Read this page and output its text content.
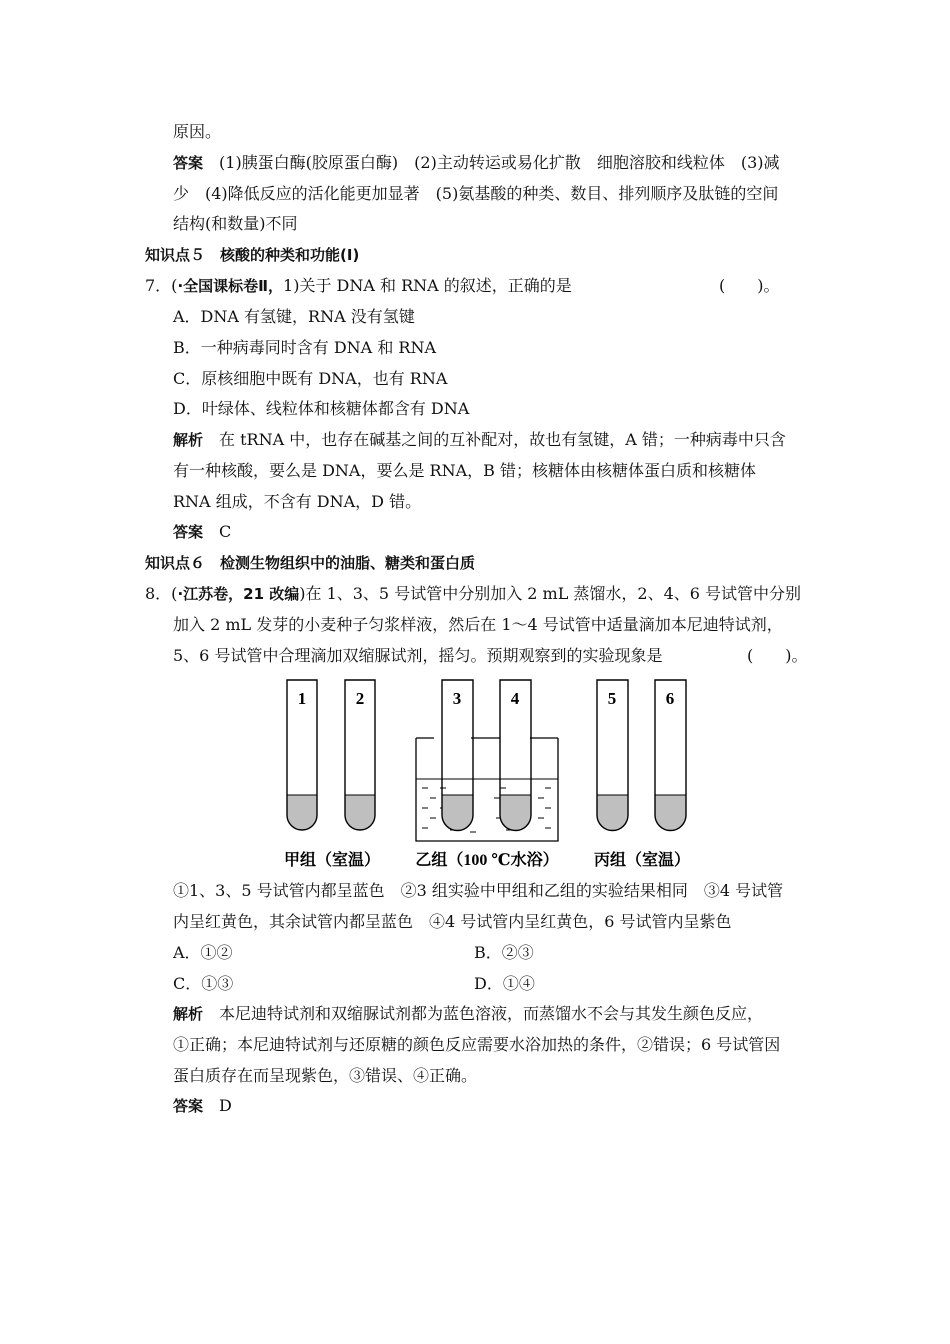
原因。
答案 (1)胰蛋白酶(胶原蛋白酶)　(2)主动转运或易化扩散　细胞溶胶和线粒体　(3)减
少　(4)降低反应的活化能更加显著　(5)氨基酸的种类、数目、排列顺序及肽链的空间
结构(和数量)不同
知识点５　核酸的种类和功能(Ⅰ)
7．(·全国课标卷Ⅱ，1)关于 DNA 和 RNA 的叙述，正确的是	(　　)。
A．DNA 有氢键，RNA 没有氢键
B．一种病毒同时含有 DNA 和 RNA
C．原核细胞中既有 DNA，也有 RNA
D．叶绿体、线粒体和核糖体都含有 DNA
解析 在 tRNA 中，也存在碱基之间的互补配对，故也有氢键，A 错；一种病毒中只含
有一种核酸，要么是 DNA，要么是 RNA，B 错；核糖体由核糖体蛋白质和核糖体
RNA 组成，不含有 DNA，D 错。
答案 C
知识点６　检测生物组织中的油脂、糖类和蛋白质
8．(·江苏卷，21 改编)在 1、3、5 号试管中分别加入 2 mL 蒸馏水，2、4、6 号试管中分别
加入 2 mL 发芽的小麦种子匀浆样液，然后在 1～4 号试管中适量滴加本尼迪特试剂，
5、6 号试管中合理滴加双缩脲试剂，摇匀。预期观察到的实验现象是	(　　)。
1	2	3	4	5	6
甲组（室温） 乙组（100 ℃水浴） 丙组（室温）
①1、3、5 号试管内都呈蓝色　②3 组实验中甲组和乙组的实验结果相同　③4 号试管
内呈红黄色，其余试管内都呈蓝色　④4 号试管内呈红黄色，6 号试管内呈紫色
A．①②	B．②③
C．①③	D．①④
解析 本尼迪特试剂和双缩脲试剂都为蓝色溶液，而蒸馏水不会与其发生颜色反应，
①正确；本尼迪特试剂与还原糖的颜色反应需要水浴加热的条件，②错误；6 号试管因
蛋白质存在而呈现紫色，③错误、④正确。
答案 D
